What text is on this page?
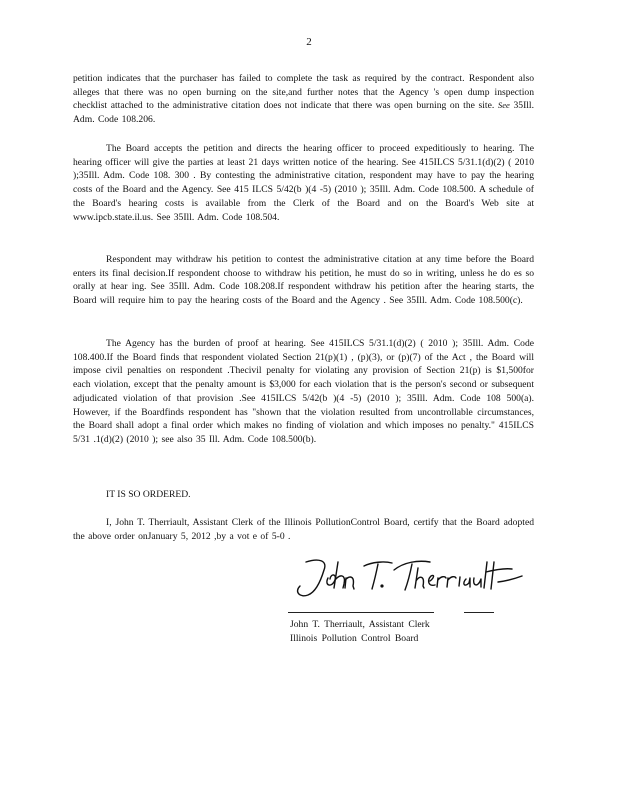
2

petition indicates that the purchaser has failed to complete the task as required by the contract. Respondent also alleges that there was no open burning on the site,and further notes that the Agency 's open dump inspection checklist attached to the administrative citation does not indicate that there was open burning on the site. See 35Ill. Adm. Code 108.206.

The Board accepts the petition and directs the hearing officer to proceed expeditiously to hearing. The hearing officer will give the parties at least 21 days written notice of the hearing. See 415ILCS 5/31.1(d)(2) ( 2010 );35Ill. Adm. Code 108. 300 . By contesting the administrative citation, respondent may have to pay the hearing costs of the Board and the Agency. See 415 ILCS 5/42(b )(4 -5) (2010 ); 35Ill. Adm. Code 108.500. A schedule of the Board's hearing costs is available from the Clerk of the Board and on the Board's Web site at www.ipcb.state.il.us. See 35Ill. Adm. Code 108.504.

Respondent may withdraw his petition to contest the administrative citation at any time before the Board enters its final decision.If respondent choose to withdraw his petition, he must do so in writing, unless he do es so orally at hear ing. See 35Ill. Adm. Code 108.208.If respondent withdraw his petition after the hearing starts, the Board will require him to pay the hearing costs of the Board and the Agency . See 35Ill. Adm. Code 108.500(c).

The Agency has the burden of proof at hearing. See 415ILCS 5/31.1(d)(2) ( 2010 ); 35Ill. Adm. Code 108.400.If the Board finds that respondent violated Section 21(p)(1) , (p)(3), or (p)(7) of the Act , the Board will impose civil penalties on respondent .Thecivil penalty for violating any provision of Section 21(p) is $1,500for each violation, except that the penalty amount is $3,000 for each violation that is the person's second or subsequent adjudicated violation of that provision .See 415ILCS 5/42(b )(4 -5) (2010 ); 35Ill. Adm. Code 108 500(a). However, if the Boardfinds respondent has "shown that the violation resulted from uncontrollable circumstances, the Board shall adopt a final order which makes no finding of violation and which imposes no penalty." 415ILCS 5/31 .1(d)(2) (2010 ); see also 35 Ill. Adm. Code 108.500(b).

IT IS SO ORDERED.

I, John T. Therriault, Assistant Clerk of the Illinois PollutionControl Board, certify that the Board adopted the above order onJanuary 5, 2012 ,by a vot e of 5-0 .

John T. Therriault, Assistant Clerk
Illinois Pollution Control Board
